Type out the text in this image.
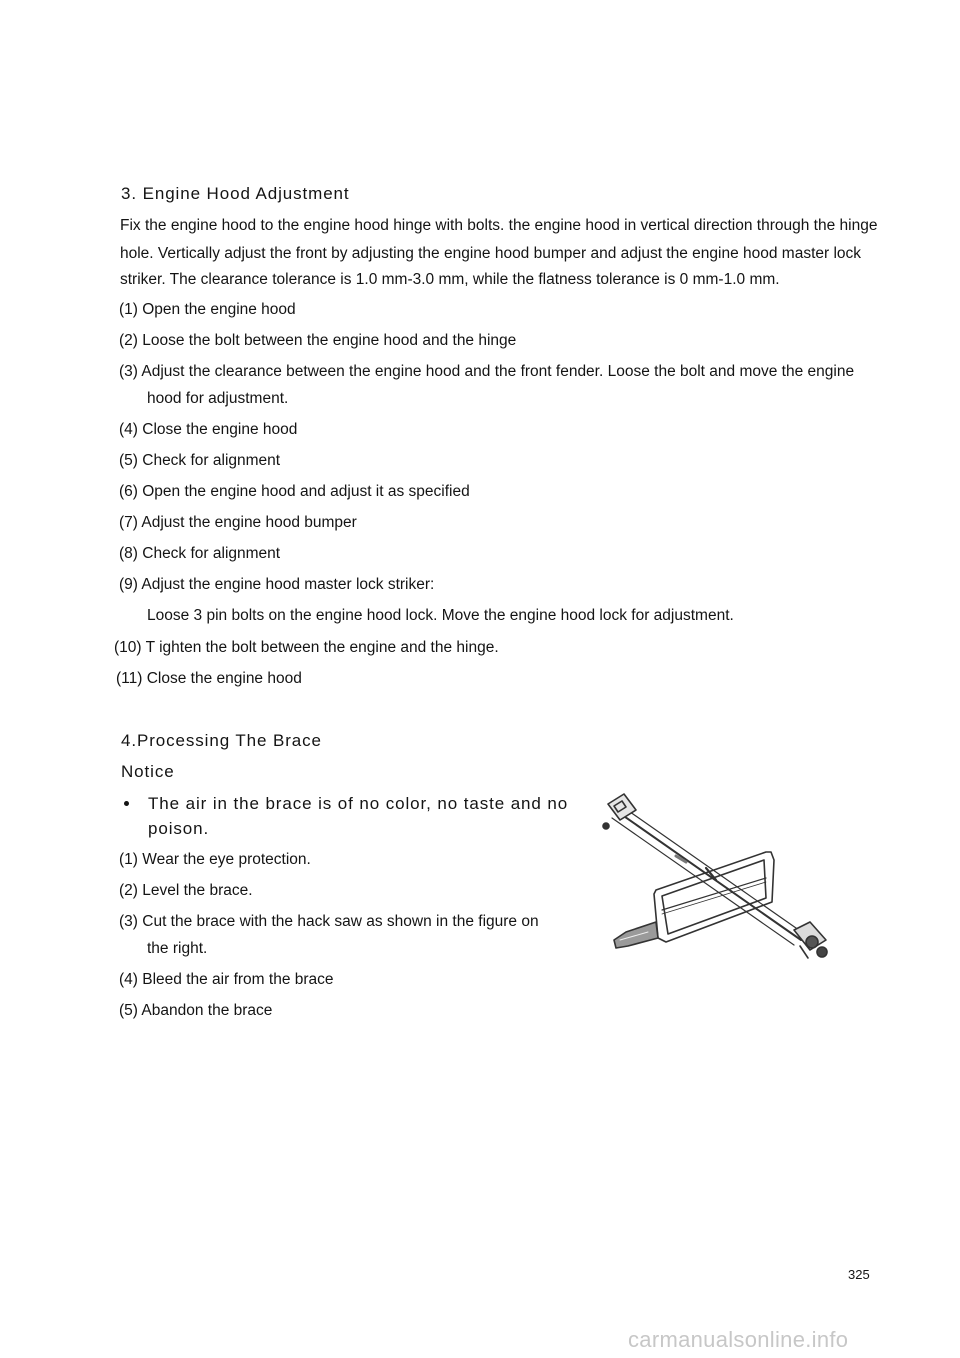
3. Engine Hood Adjustment
Fix the engine hood to the engine hood hinge with bolts. the engine hood in vertical direction through the hinge
hole. Vertically adjust the front by adjusting the engine hood bumper and adjust the engine hood master lock
striker. The clearance tolerance is 1.0 mm-3.0 mm, while the flatness tolerance is 0 mm-1.0 mm.
(1) Open the engine hood
(2) Loose the bolt between the engine hood and the hinge
(3) Adjust the clearance between the engine hood and the front fender. Loose the bolt and move the engine
hood for adjustment.
(4) Close the engine hood
(5) Check for alignment
(6) Open the engine hood and adjust it as specified
(7) Adjust the engine hood bumper
(8) Check for alignment
(9) Adjust the engine hood master lock striker:
Loose 3 pin bolts on the engine hood lock. Move the engine hood lock for adjustment.
(10) T ighten the bolt between the engine and the hinge.
(11) Close the engine hood
4.Processing The Brace
Notice
The air in the brace is of no color, no taste and no
poison.
(1) Wear the eye protection.
(2) Level the brace.
(3) Cut the brace with the hack saw as shown in the figure on
the right.
(4) Bleed the air from the brace
(5) Abandon the brace
325
carmanualsonline.info
